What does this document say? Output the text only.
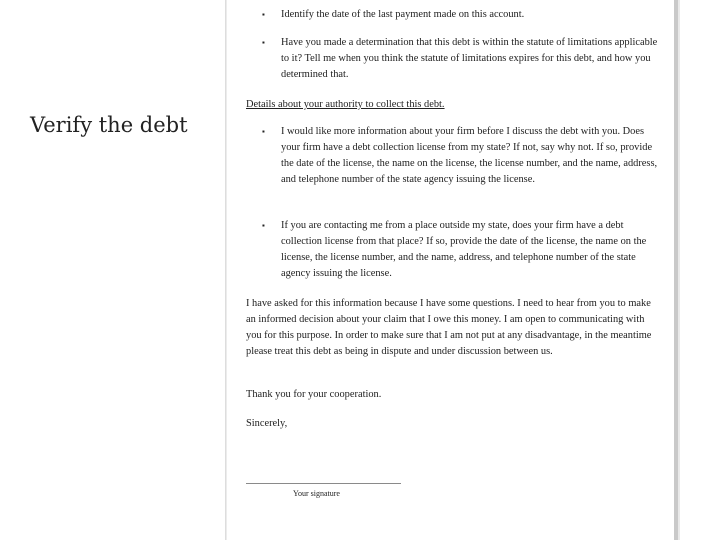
Verify the debt
▪	Identify the date of the last payment made on this account.
▪	Have you made a determination that this debt is within the statute of limitations applicable to it? Tell me when you think the statute of limitations expires for this debt, and how you determined that.
Details about your authority to collect this debt.
▪	I would like more information about your firm before I discuss the debt with you. Does your firm have a debt collection license from my state? If not, say why not. If so, provide the date of the license, the name on the license, the license number, and the name, address, and telephone number of the state agency issuing the license.
▪	If you are contacting me from a place outside my state, does your firm have a debt collection license from that place? If so, provide the date of the license, the name on the license, the license number, and the name, address, and telephone number of the state agency issuing the license.
I have asked for this information because I have some questions. I need to hear from you to make an informed decision about your claim that I owe this money. I am open to communicating with you for this purpose. In order to make sure that I am not put at any disadvantage, in the meantime please treat this debt as being in dispute and under discussion between us.
Thank you for your cooperation.
Sincerely,
Your signature
